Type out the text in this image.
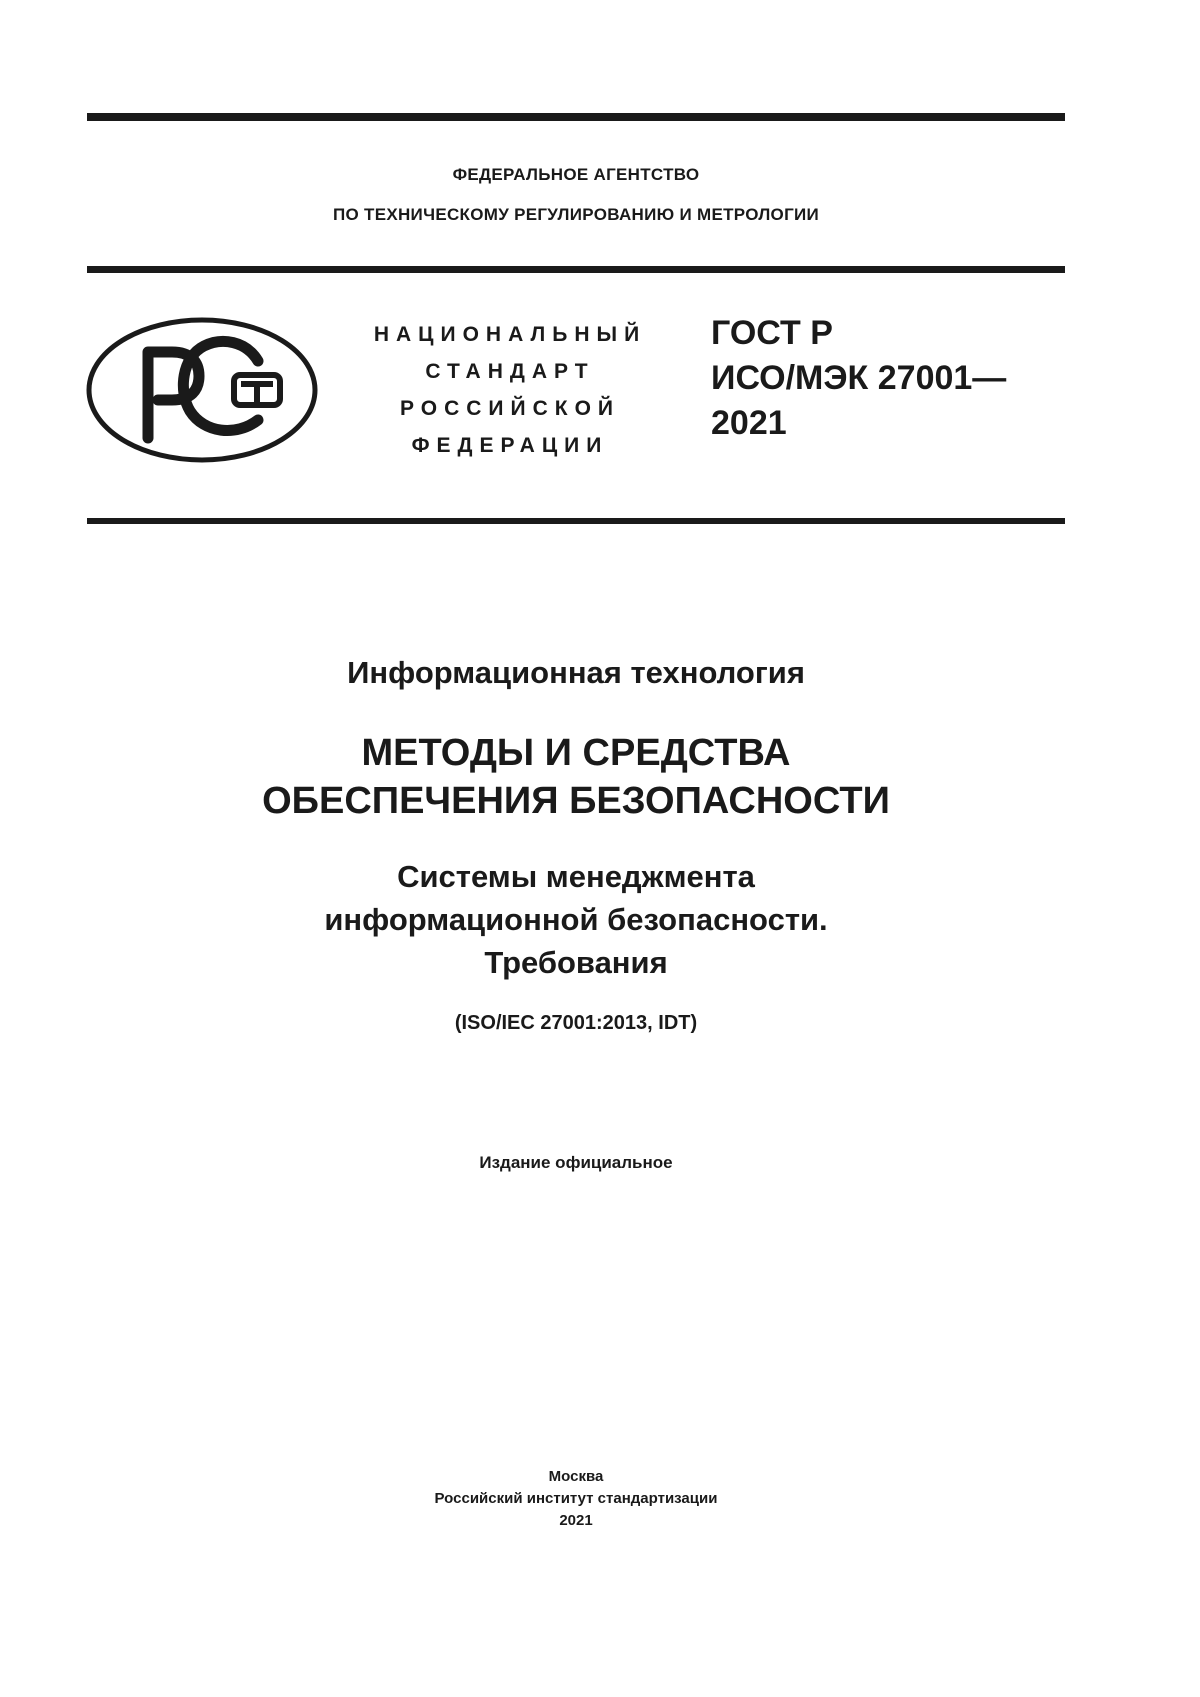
ФЕДЕРАЛЬНОЕ АГЕНТСТВО
ПО ТЕХНИЧЕСКОМУ РЕГУЛИРОВАНИЮ И МЕТРОЛОГИИ
НАЦИОНАЛЬНЫЙ
СТАНДАРТ
РОССИЙСКОЙ
ФЕДЕРАЦИИ
ГОСТ Р
ИСО/МЭК 27001—
2021
Информационная технология
МЕТОДЫ И СРЕДСТВА
ОБЕСПЕЧЕНИЯ БЕЗОПАСНОСТИ
Системы менеджмента
информационной безопасности.
Требования
(ISO/IEC 27001:2013, IDT)
Издание официальное
Москва
Российский институт стандартизации
2021
